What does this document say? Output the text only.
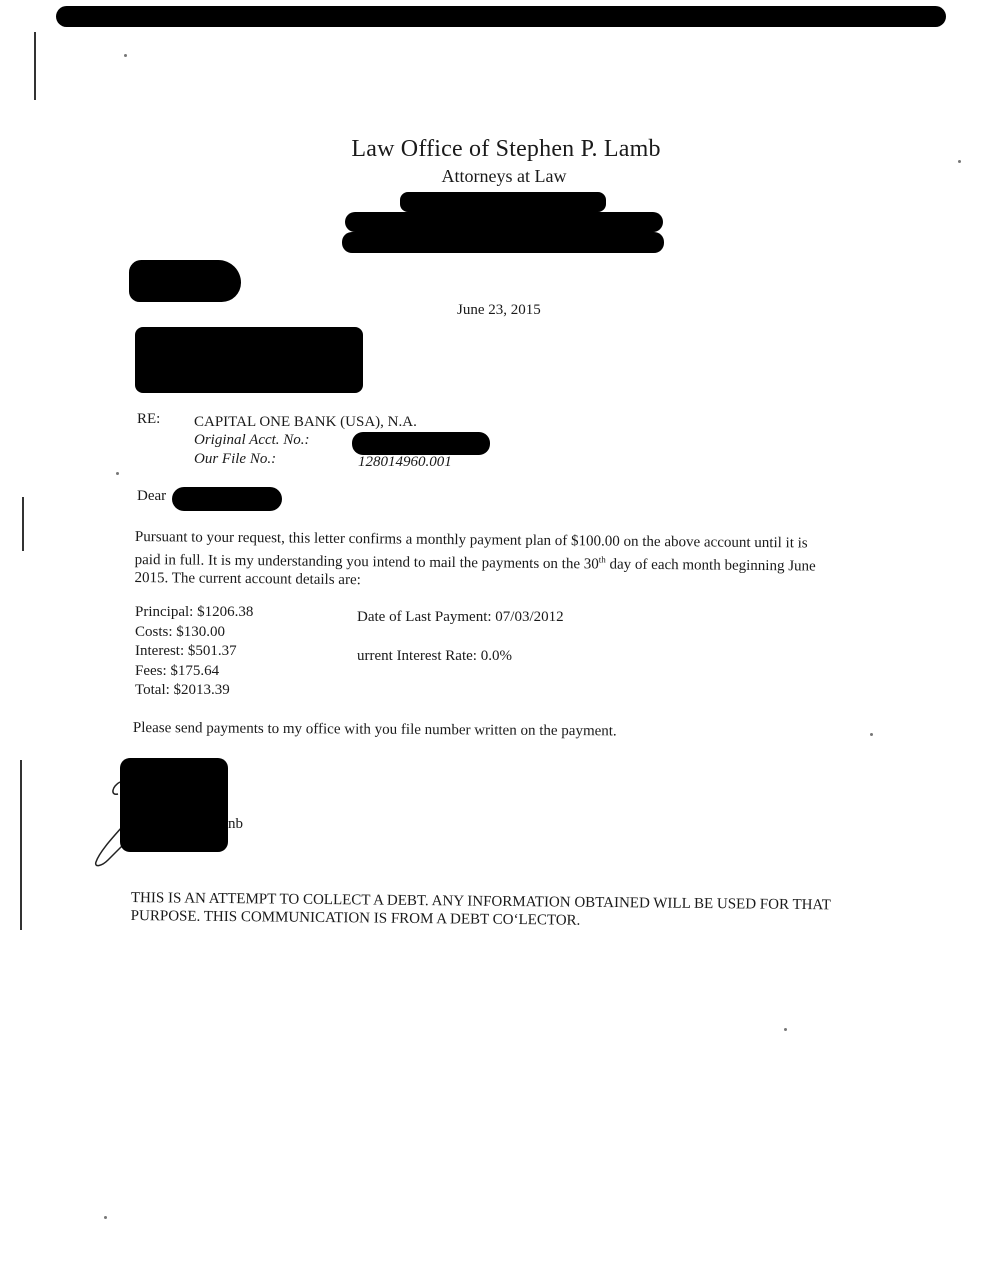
Law Office of Stephen P. Lamb
Attorneys at Law
June 23, 2015
RE: CAPITAL ONE BANK (USA), N.A.
Original Acct. No.:
Our File No.:	128014960.001
Dear
Pursuant to your request, this letter confirms a monthly payment plan of $100.00 on the above account until it is paid in full. It is my understanding you intend to mail the payments on the 30th day of each month beginning June 2015. The current account details are:
Principal: $1206.38
Costs: $130.00
Interest: $501.37
Fees: $175.64
Total: $2013.39
Date of Last Payment: 07/03/2012
urrent Interest Rate: 0.0%
Please send payments to my office with you file number written on the payment.
nb
THIS IS AN ATTEMPT TO COLLECT A DEBT. ANY INFORMATION OBTAINED WILL BE USED FOR THAT PURPOSE. THIS COMMUNICATION IS FROM A DEBT CO‘LECTOR.
